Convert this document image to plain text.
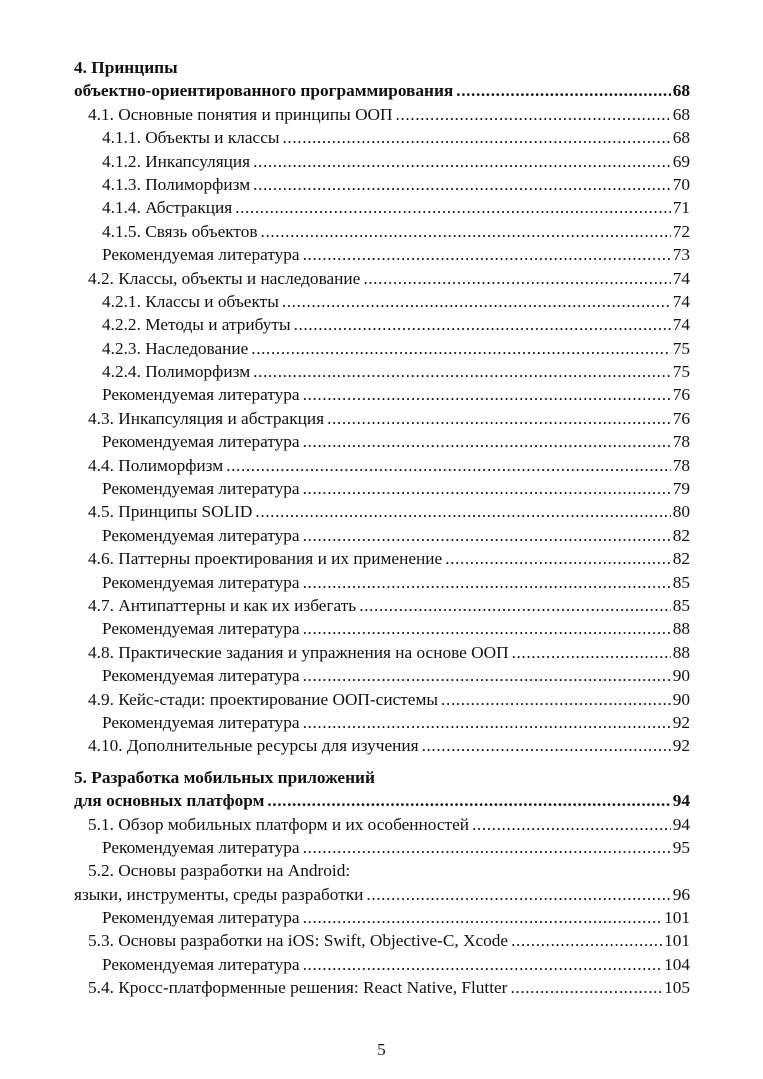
4. Принципы
объектно-ориентированного программирования .....	68
4.1. Основные понятия и принципы ООП .....	68
4.1.1. Объекты и классы .....	68
4.1.2. Инкапсуляция .....	69
4.1.3. Полиморфизм .....	70
4.1.4. Абстракция .....	71
4.1.5. Связь объектов .....	72
Рекомендуемая литература .....	73
4.2. Классы, объекты и наследование .....	74
4.2.1. Классы и объекты .....	74
4.2.2. Методы и атрибуты .....	74
4.2.3. Наследование .....	75
4.2.4. Полиморфизм .....	75
Рекомендуемая литература .....	76
4.3. Инкапсуляция и абстракция .....	76
Рекомендуемая литература .....	78
4.4. Полиморфизм .....	78
Рекомендуемая литература .....	79
4.5. Принципы SOLID .....	80
Рекомендуемая литература .....	82
4.6. Паттерны проектирования и их применение .....	82
Рекомендуемая литература .....	85
4.7. Антипаттерны и как их избегать .....	85
Рекомендуемая литература .....	88
4.8. Практические задания и упражнения на основе ООП .....	88
Рекомендуемая литература .....	90
4.9. Кейс-стади: проектирование ООП-системы .....	90
Рекомендуемая литература .....	92
4.10. Дополнительные ресурсы для изучения .....	92
5. Разработка мобильных приложений
для основных платформ .....	94
5.1. Обзор мобильных платформ и их особенностей .....	94
Рекомендуемая литература .....	95
5.2. Основы разработки на Android:
языки, инструменты, среды разработки .....	96
Рекомендуемая литература .....	101
5.3. Основы разработки на iOS: Swift, Objective-C, Xcode .....	101
Рекомендуемая литература .....	104
5.4. Кросс-платформенные решения: React Native, Flutter .....	105
5
